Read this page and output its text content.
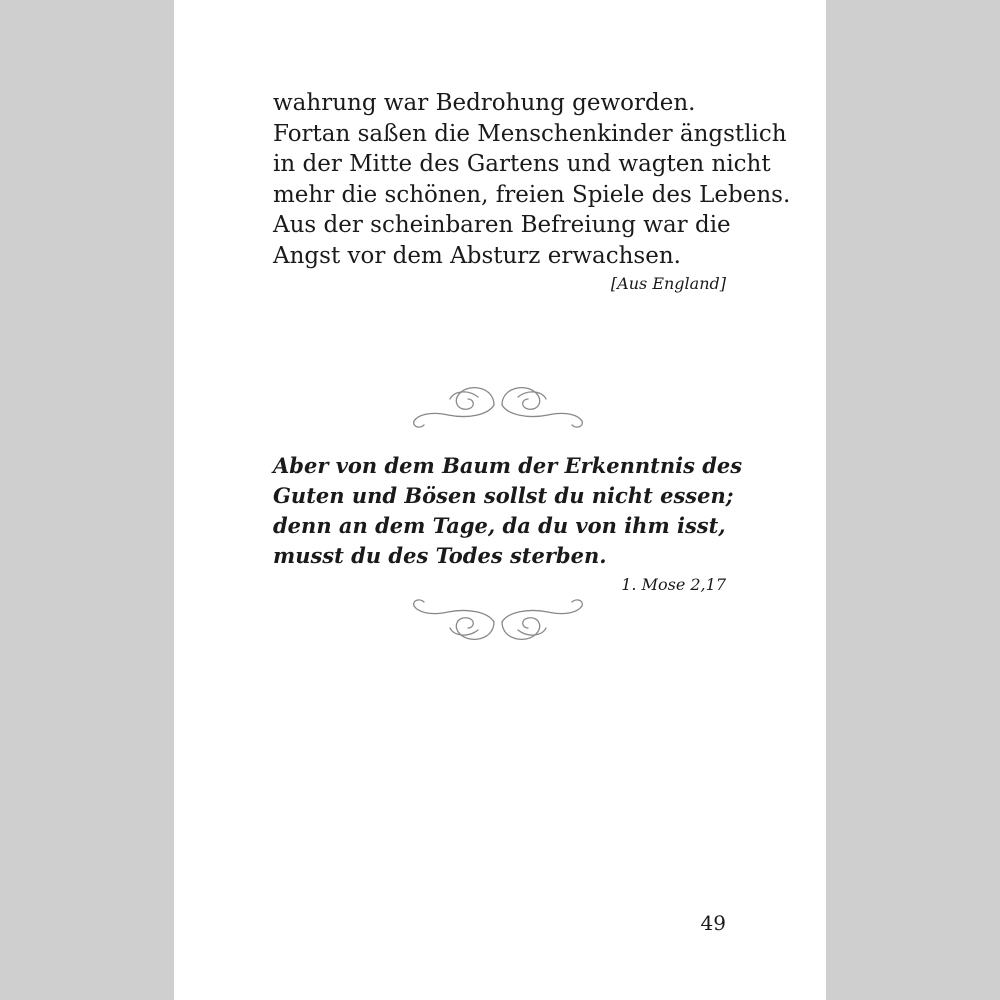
wahrung war Bedrohung geworden.
Fortan saßen die Menschenkinder ängstlich
in der Mitte des Gartens und wagten nicht
mehr die schönen, freien Spiele des Lebens.
Aus der scheinbaren Befreiung war die
Angst vor dem Absturz erwachsen.
[Aus England]
Aber von dem Baum der Erkenntnis des
Guten und Bösen sollst du nicht essen;
denn an dem Tage, da du von ihm isst,
musst du des Todes sterben.
1. Mose 2,17
49
